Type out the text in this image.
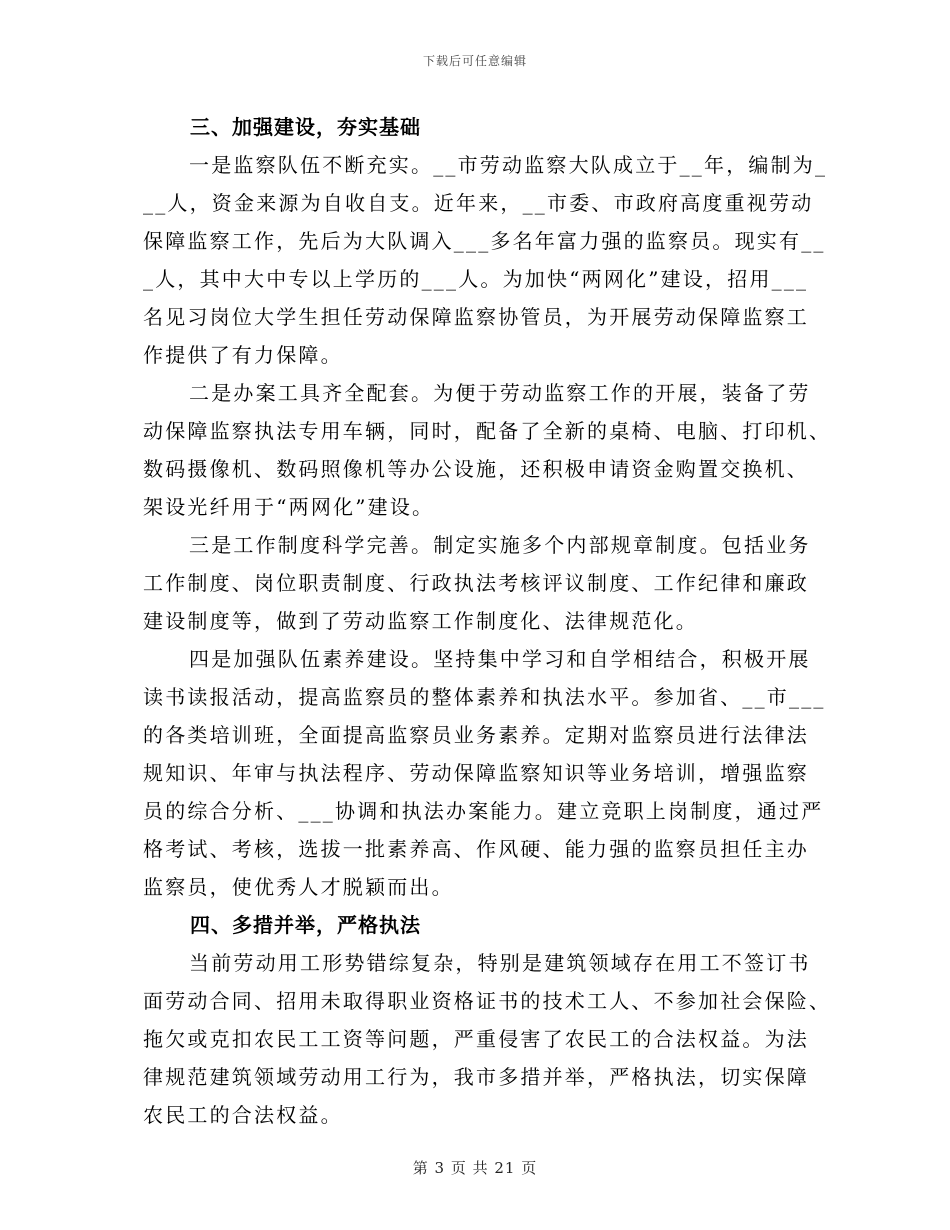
下载后可任意编辑
三、加强建设，夯实基础
一是监察队伍不断充实。__市劳动监察大队成立于__年，编制为_
__人，资金来源为自收自支。近年来，__市委、市政府高度重视劳动
保障监察工作，先后为大队调入___多名年富力强的监察员。现实有__
_人，其中大中专以上学历的___人。为加快“两网化”建设，招用___
名见习岗位大学生担任劳动保障监察协管员，为开展劳动保障监察工
作提供了有力保障。
二是办案工具齐全配套。为便于劳动监察工作的开展，装备了劳
动保障监察执法专用车辆，同时，配备了全新的桌椅、电脑、打印机、
数码摄像机、数码照像机等办公设施，还积极申请资金购置交换机、
架设光纤用于“两网化”建设。
三是工作制度科学完善。制定实施多个内部规章制度。包括业务
工作制度、岗位职责制度、行政执法考核评议制度、工作纪律和廉政
建设制度等，做到了劳动监察工作制度化、法律规范化。
四是加强队伍素养建设。坚持集中学习和自学相结合，积极开展
读书读报活动，提高监察员的整体素养和执法水平。参加省、__市___
的各类培训班，全面提高监察员业务素养。定期对监察员进行法律法
规知识、年审与执法程序、劳动保障监察知识等业务培训，增强监察
员的综合分析、___协调和执法办案能力。建立竞职上岗制度，通过严
格考试、考核，选拔一批素养高、作风硬、能力强的监察员担任主办
监察员，使优秀人才脱颖而出。
四、多措并举，严格执法
当前劳动用工形势错综复杂，特别是建筑领域存在用工不签订书
面劳动合同、招用未取得职业资格证书的技术工人、不参加社会保险、
拖欠或克扣农民工工资等问题，严重侵害了农民工的合法权益。为法
律规范建筑领域劳动用工行为，我市多措并举，严格执法，切实保障
农民工的合法权益。
第 3 页 共 21 页
